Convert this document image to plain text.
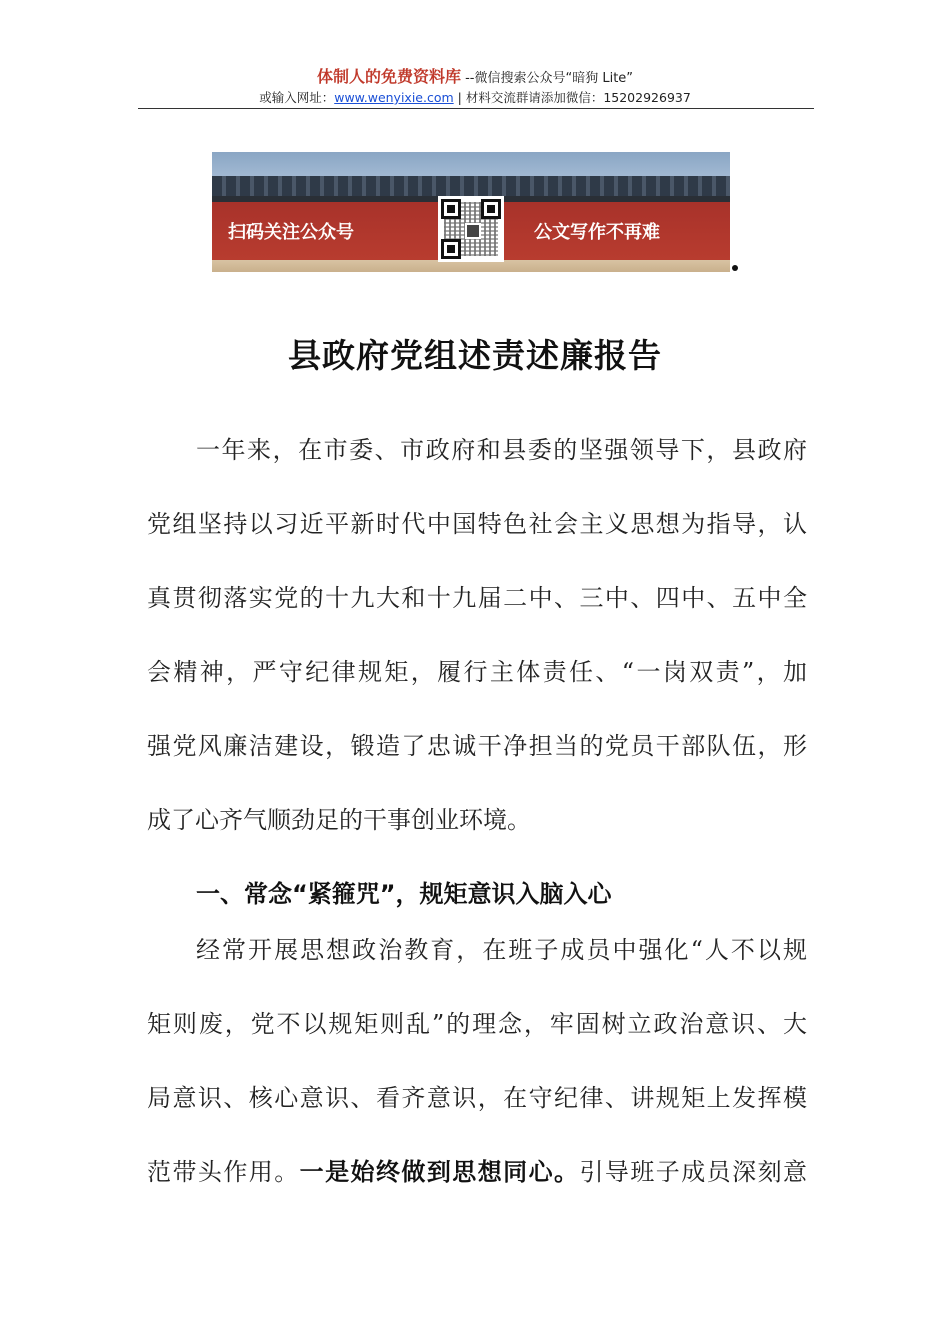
体制人的免费资料库 --微信搜索公众号“暗狗 Lite”
或输入网址：www.wenyixie.com | 材料交流群请添加微信：15202926937
扫码关注公众号	公文写作不再难
县政府党组述责述廉报告
一年来，在市委、市政府和县委的坚强领导下，县政府
党组坚持以习近平新时代中国特色社会主义思想为指导，认
真贯彻落实党的十九大和十九届二中、三中、四中、五中全
会精神，严守纪律规矩，履行主体责任、“一岗双责”，加
强党风廉洁建设，锻造了忠诚干净担当的党员干部队伍，形
成了心齐气顺劲足的干事创业环境。
一、常念“紧箍咒”，规矩意识入脑入心
经常开展思想政治教育，在班子成员中强化“人不以规
矩则废，党不以规矩则乱”的理念，牢固树立政治意识、大
局意识、核心意识、看齐意识，在守纪律、讲规矩上发挥模
范带头作用。一是始终做到思想同心。引导班子成员深刻意
